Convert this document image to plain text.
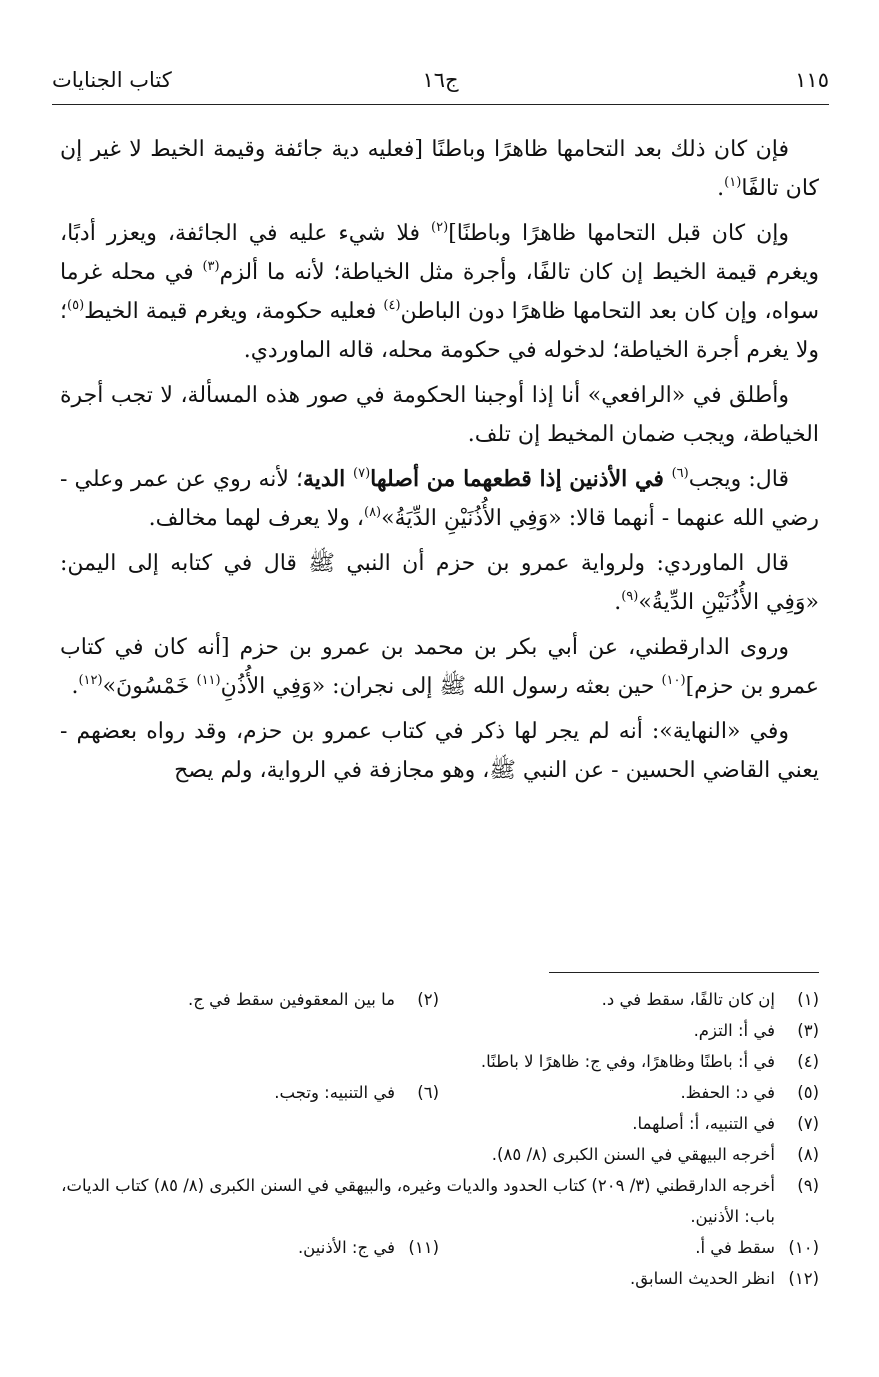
١١٥
ج١٦
كتاب الجنايات

فإن كان ذلك بعد التحامها ظاهرًا وباطنًا [فعليه دية جائفة وقيمة الخيط لا غير إن كان تالفًا$^{(١)}$.

وإن كان قبل التحامها ظاهرًا وباطنًا]$^{(٢)}$ فلا شيء عليه في الجائفة، ويعزر أدبًا، ويغرم قيمة الخيط إن كان تالفًا، وأجرة مثل الخياطة؛ لأنه ما ألزم$^{(٣)}$ في محله غرما سواه، وإن كان بعد التحامها ظاهرًا دون الباطن$^{(٤)}$ فعليه حكومة، ويغرم قيمة الخيط$^{(٥)}$؛ ولا يغرم أجرة الخياطة؛ لدخوله في حكومة محله، قاله الماوردي.

وأطلق في «الرافعي» أنا إذا أوجبنا الحكومة في صور هذه المسألة، لا تجب أجرة الخياطة، ويجب ضمان المخيط إن تلف.

قال: ويجب$^{(٦)}$ في الأذنين إذا قطعهما من أصلها$^{(٧)}$ الدية؛ لأنه روي عن عمر وعلي - رضي الله عنهما - أنهما قالا: «وَفِي الأُذُنَيْنِ الدِّيَةُ»$^{(٨)}$، ولا يعرف لهما مخالف.

قال الماوردي: ولرواية عمرو بن حزم أن النبي ﷺ قال في كتابه إلى اليمن: «وَفِي الأُذُنَيْنِ الدِّيةُ»$^{(٩)}$.

وروى الدارقطني، عن أبي بكر بن محمد بن عمرو بن حزم [أنه كان في كتاب عمرو بن حزم]$^{(١٠)}$ حين بعثه رسول الله ﷺ إلى نجران: «وَفِي الأُذُنِ$^{(١١)}$ خَمْسُونَ»$^{(١٢)}$.

وفي «النهاية»: أنه لم يجر لها ذكر في كتاب عمرو بن حزم، وقد رواه بعضهم - يعني القاضي الحسين - عن النبي ﷺ، وهو مجازفة في الرواية، ولم يصح

(١)
إن كان تالفًا، سقط في د.
(٢)
ما بين المعقوفين سقط في ج.
(٣)
في أ: التزم.
(٤)
في أ: باطنًا وظاهرًا، وفي ج: ظاهرًا لا باطنًا.
(٥)
في د: الحفظ.
(٦)
في التنبيه: وتجب.
(٧)
في التنبيه، أ: أصلهما.
(٨)
أخرجه البيهقي في السنن الكبرى (٨/ ٨٥).
(٩)
أخرجه الدارقطني (٣/ ٢٠٩) كتاب الحدود والديات وغيره، والبيهقي في السنن الكبرى (٨/ ٨٥) كتاب الديات، باب: الأذنين.
(١٠)
سقط في أ.
(١١)
في ج: الأذنين.
(١٢)
انظر الحديث السابق.
